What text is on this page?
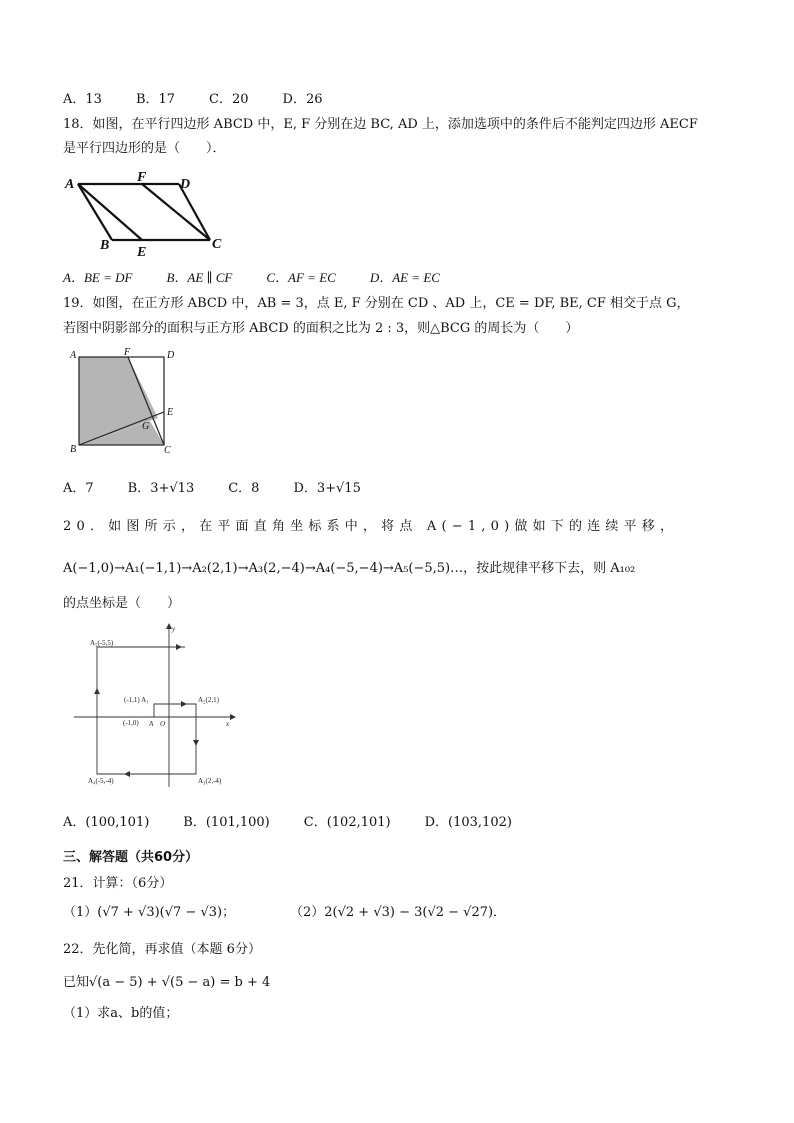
A．13	B．17	C．20	D．26
18．如图，在平行四边形 ABCD 中，E, F 分别在边 BC, AD 上，添加选项中的条件后不能判定四边形 AECF
是平行四边形的是（　　）．
A	F D
B E
C
A．BE = DF	B．AE ∥ CF	C．AF = EC	D．AE = EC
19．如图，在正方形 ABCD 中，AB = 3，点 E, F 分别在 CD 、AD 上，CE = DF, BE, CF 相交于点 G，
若图中阴影部分的面积与正方形 ABCD 的面积之比为 2 : 3，则△BCG 的周长为（　　）
A	F	D
E
G
B	C
A．7	B．3+√13	C．8	D．3+√15
20．如图所示，在平面直角坐标系中，将点 A(−1,0)做如下的连续平移，
A(−1,0)→A₁(−1,1)→A₂(2,1)→A₃(2,−4)→A₄(−5,−4)→A₅(−5,5)…，按此规律平移下去，则 A₁₀₂
的点坐标是（　　）
y
x
O
A
A₅(-5,5)
(-1,1) A₁	A₂(2,1)
(-1,0)
A₄(-5,-4)	A₃(2,-4)
A．(100,101)	B．(101,100)	C．(102,101)	D．(103,102)
三、解答题（共60分）
21．计算：（6分）
（1）(√7 + √3)(√7 − √3)；	（2）2(√2 + √3) − 3(√2 − √27)．
22．先化简，再求值（本题 6分）
已知√(a − 5) + √(5 − a) = b + 4
（1）求a、b的值；
